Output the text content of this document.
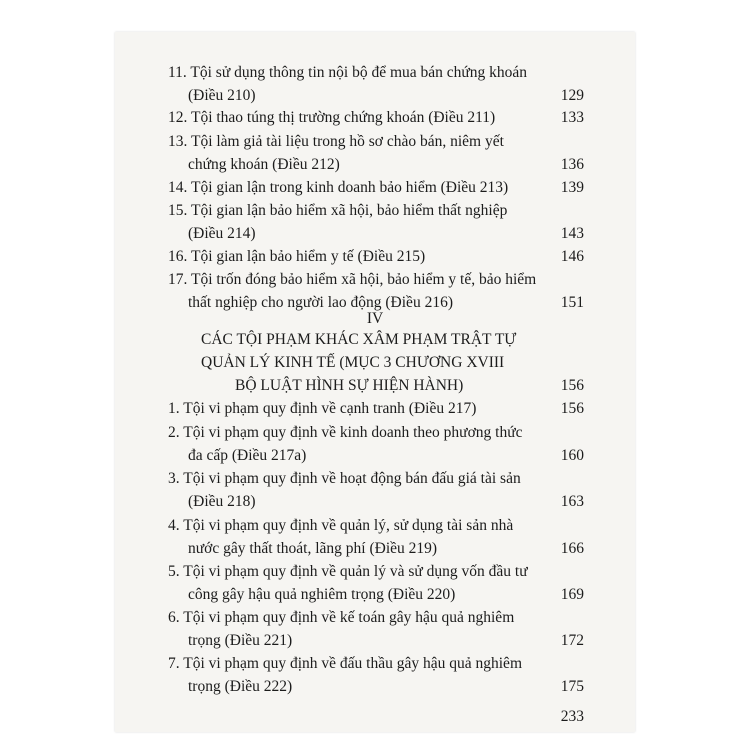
11. Tội sử dụng thông tin nội bộ để mua bán chứng khoán
(Điều 210)	129
12. Tội thao túng thị trường chứng khoán (Điều 211)	133
13. Tội làm giả tài liệu trong hồ sơ chào bán, niêm yết
chứng khoán (Điều 212)	136
14. Tội gian lận trong kinh doanh bảo hiểm (Điều 213)	139
15. Tội gian lận bảo hiểm xã hội, bảo hiểm thất nghiệp
(Điều 214)	143
16. Tội gian lận bảo hiểm y tế (Điều 215)	146
17. Tội trốn đóng bảo hiểm xã hội, bảo hiểm y tế, bảo hiểm
thất nghiệp cho người lao động (Điều 216)	151
IV
CÁC TỘI PHẠM KHÁC XÂM PHẠM TRẬT TỰ
QUẢN LÝ KINH TẾ (MỤC 3 CHƯƠNG XVIII
BỘ LUẬT HÌNH SỰ HIỆN HÀNH)	156
1. Tội vi phạm quy định về cạnh tranh (Điều 217)	156
2. Tội vi phạm quy định về kinh doanh theo phương thức
đa cấp (Điều 217a)	160
3. Tội vi phạm quy định về hoạt động bán đấu giá tài sản
(Điều 218)	163
4. Tội vi phạm quy định về quản lý, sử dụng tài sản nhà
nước gây thất thoát, lãng phí (Điều 219)	166
5. Tội vi phạm quy định về quản lý và sử dụng vốn đầu tư
công gây hậu quả nghiêm trọng (Điều 220)	169
6. Tội vi phạm quy định về kế toán gây hậu quả nghiêm
trọng (Điều 221)	172
7. Tội vi phạm quy định về đấu thầu gây hậu quả nghiêm
trọng (Điều 222)	175
233
